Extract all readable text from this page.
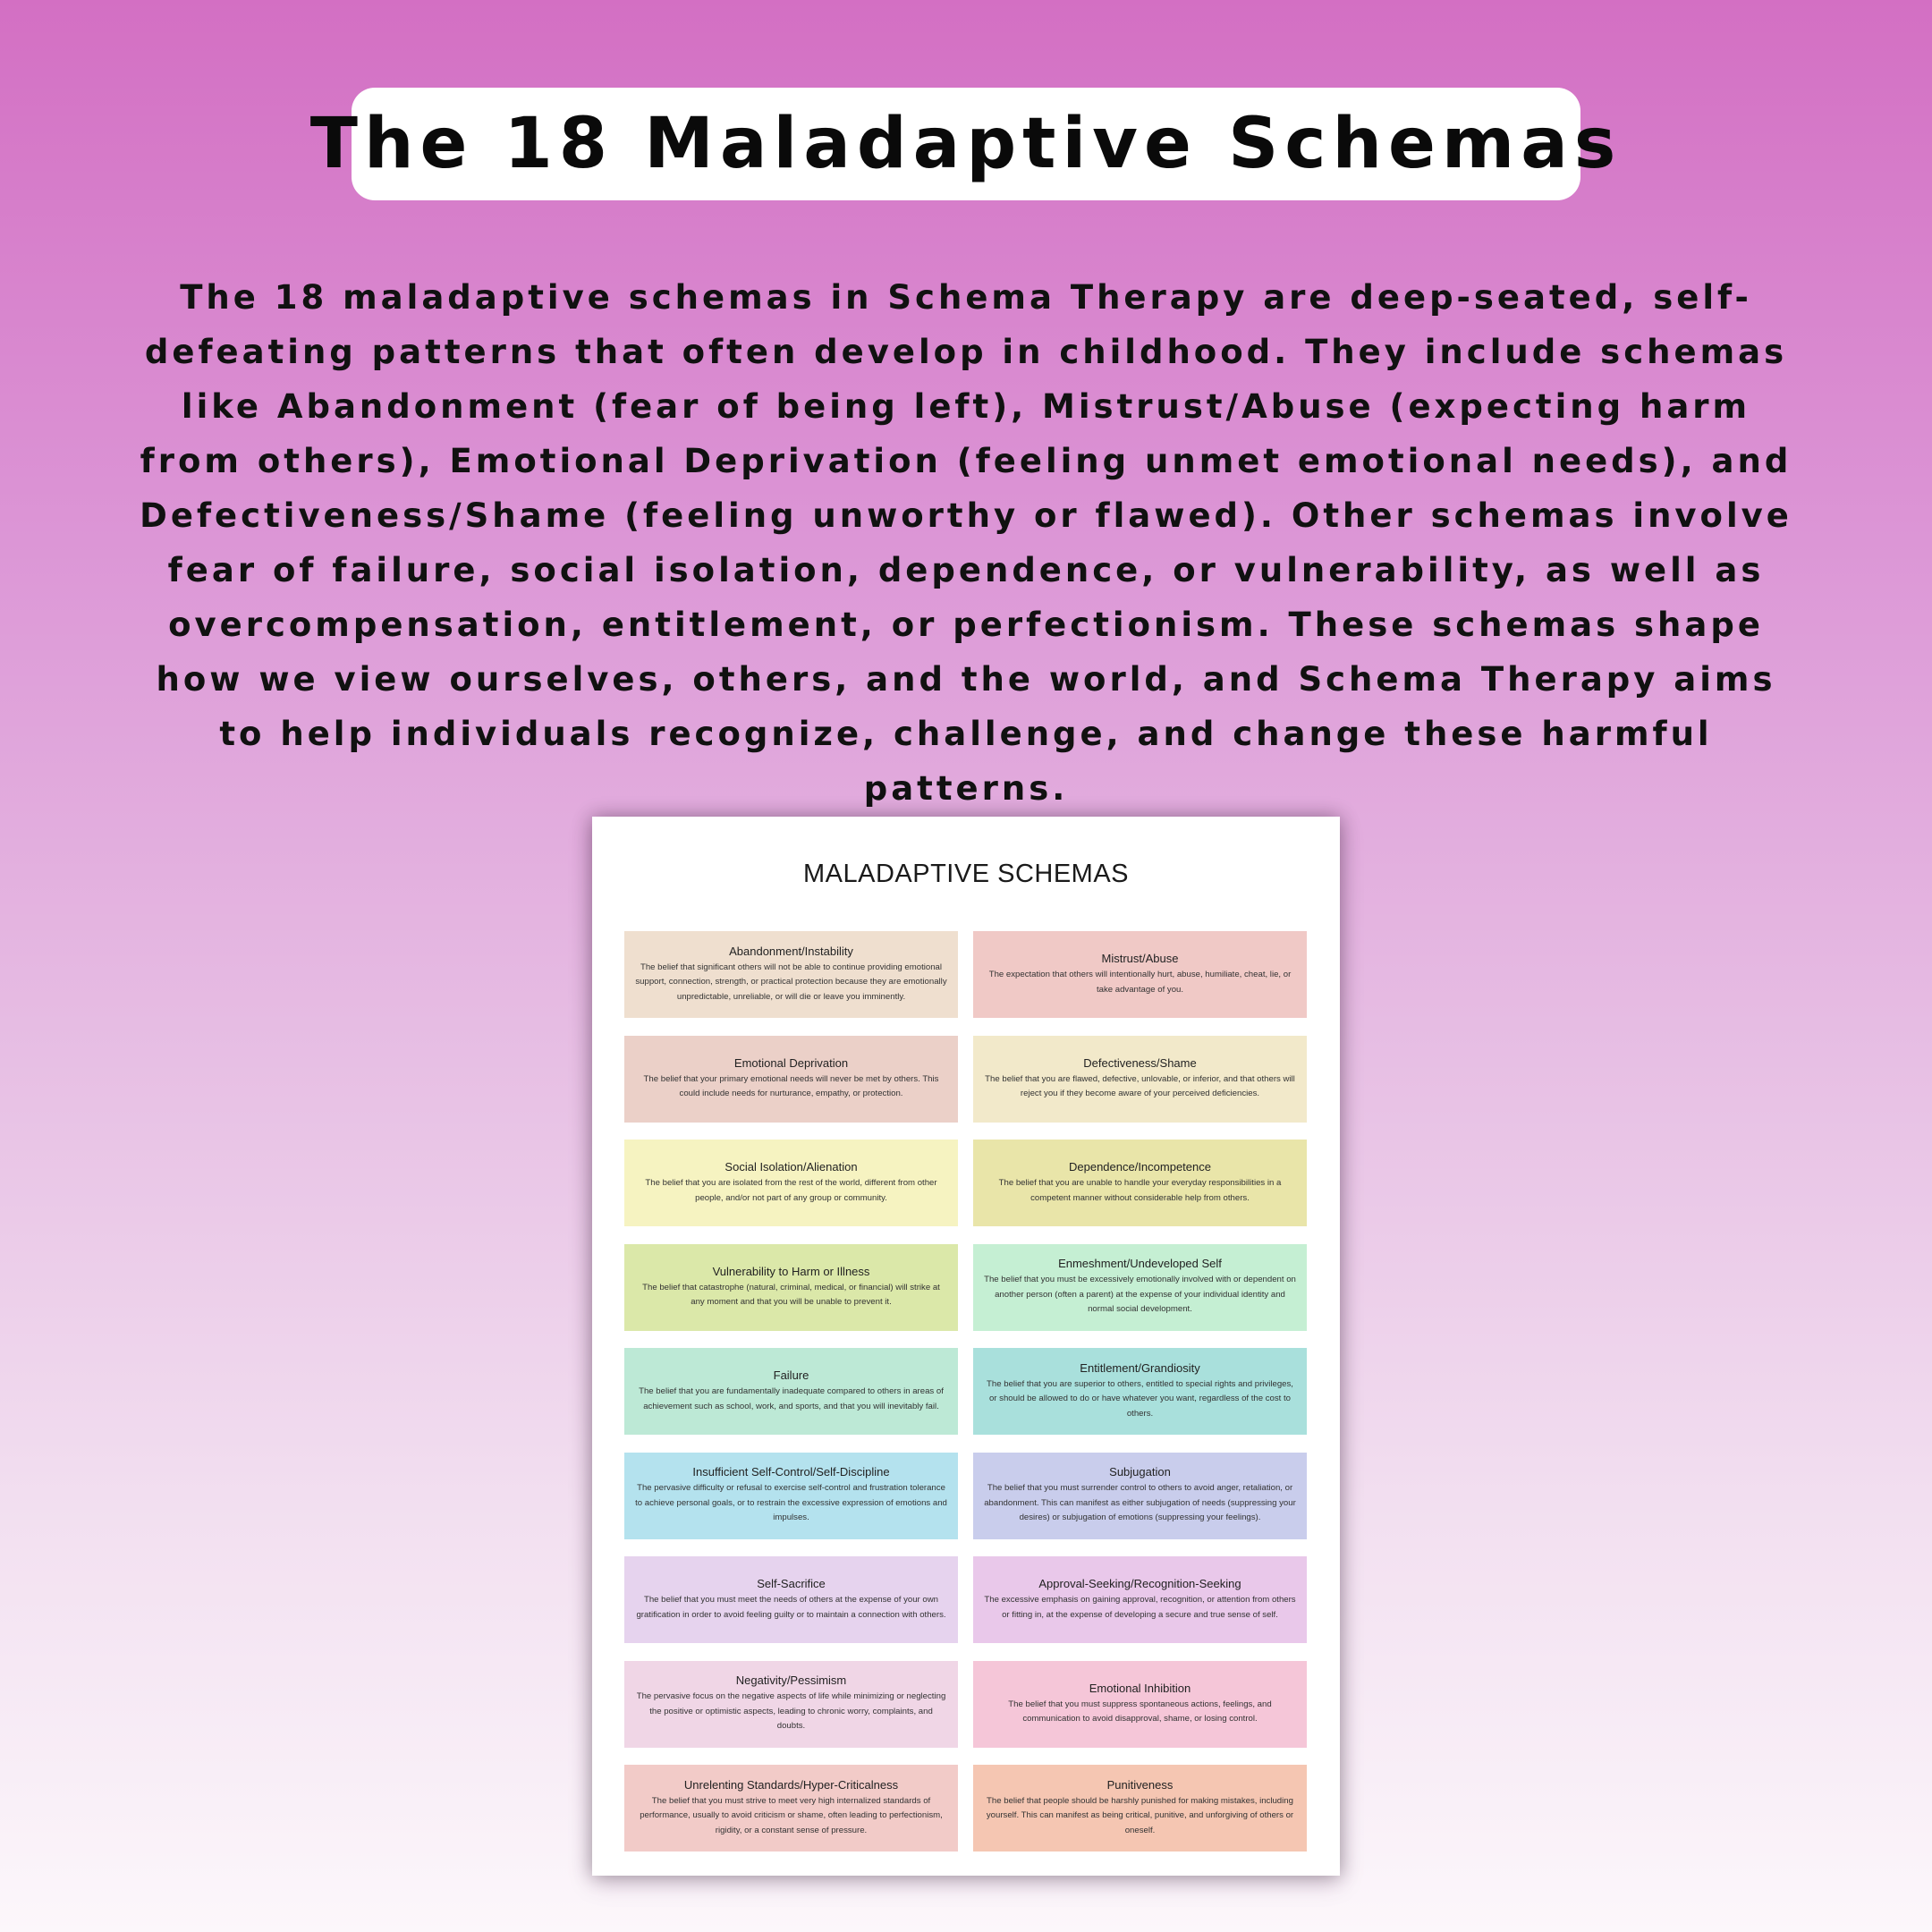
The 18 Maladaptive Schemas

The 18 maladaptive schemas in Schema Therapy are deep-seated, self-defeating patterns that often develop in childhood. They include schemas like Abandonment (fear of being left), Mistrust/Abuse (expecting harm from others), Emotional Deprivation (feeling unmet emotional needs), and Defectiveness/Shame (feeling unworthy or flawed). Other schemas involve fear of failure, social isolation, dependence, or vulnerability, as well as overcompensation, entitlement, or perfectionism. These schemas shape how we view ourselves, others, and the world, and Schema Therapy aims to help individuals recognize, challenge, and change these harmful patterns.

MALADAPTIVE SCHEMAS
Abandonment/Instability
The belief that significant others will not be able to continue providing emotional support, connection, strength, or practical protection because they are emotionally unpredictable, unreliable, or will die or leave you imminently.
Mistrust/Abuse
The expectation that others will intentionally hurt, abuse, humiliate, cheat, lie, or take advantage of you.
Emotional Deprivation
The belief that your primary emotional needs will never be met by others. This could include needs for nurturance, empathy, or protection.
Defectiveness/Shame
The belief that you are flawed, defective, unlovable, or inferior, and that others will reject you if they become aware of your perceived deficiencies.
Social Isolation/Alienation
The belief that you are isolated from the rest of the world, different from other people, and/or not part of any group or community.
Dependence/Incompetence
The belief that you are unable to handle your everyday responsibilities in a competent manner without considerable help from others.
Vulnerability to Harm or Illness
The belief that catastrophe (natural, criminal, medical, or financial) will strike at any moment and that you will be unable to prevent it.
Enmeshment/Undeveloped Self
The belief that you must be excessively emotionally involved with or dependent on another person (often a parent) at the expense of your individual identity and normal social development.
Failure
The belief that you are fundamentally inadequate compared to others in areas of achievement such as school, work, and sports, and that you will inevitably fail.
Entitlement/Grandiosity
The belief that you are superior to others, entitled to special rights and privileges, or should be allowed to do or have whatever you want, regardless of the cost to others.
Insufficient Self-Control/Self-Discipline
The pervasive difficulty or refusal to exercise self-control and frustration tolerance to achieve personal goals, or to restrain the excessive expression of emotions and impulses.
Subjugation
The belief that you must surrender control to others to avoid anger, retaliation, or abandonment. This can manifest as either subjugation of needs (suppressing your desires) or subjugation of emotions (suppressing your feelings).
Self-Sacrifice
The belief that you must meet the needs of others at the expense of your own gratification in order to avoid feeling guilty or to maintain a connection with others.
Approval-Seeking/Recognition-Seeking
The excessive emphasis on gaining approval, recognition, or attention from others or fitting in, at the expense of developing a secure and true sense of self.
Negativity/Pessimism
The pervasive focus on the negative aspects of life while minimizing or neglecting the positive or optimistic aspects, leading to chronic worry, complaints, and doubts.
Emotional Inhibition
The belief that you must suppress spontaneous actions, feelings, and communication to avoid disapproval, shame, or losing control.
Unrelenting Standards/Hyper-Criticalness
The belief that you must strive to meet very high internalized standards of performance, usually to avoid criticism or shame, often leading to perfectionism, rigidity, or a constant sense of pressure.
Punitiveness
The belief that people should be harshly punished for making mistakes, including yourself. This can manifest as being critical, punitive, and unforgiving of others or oneself.
